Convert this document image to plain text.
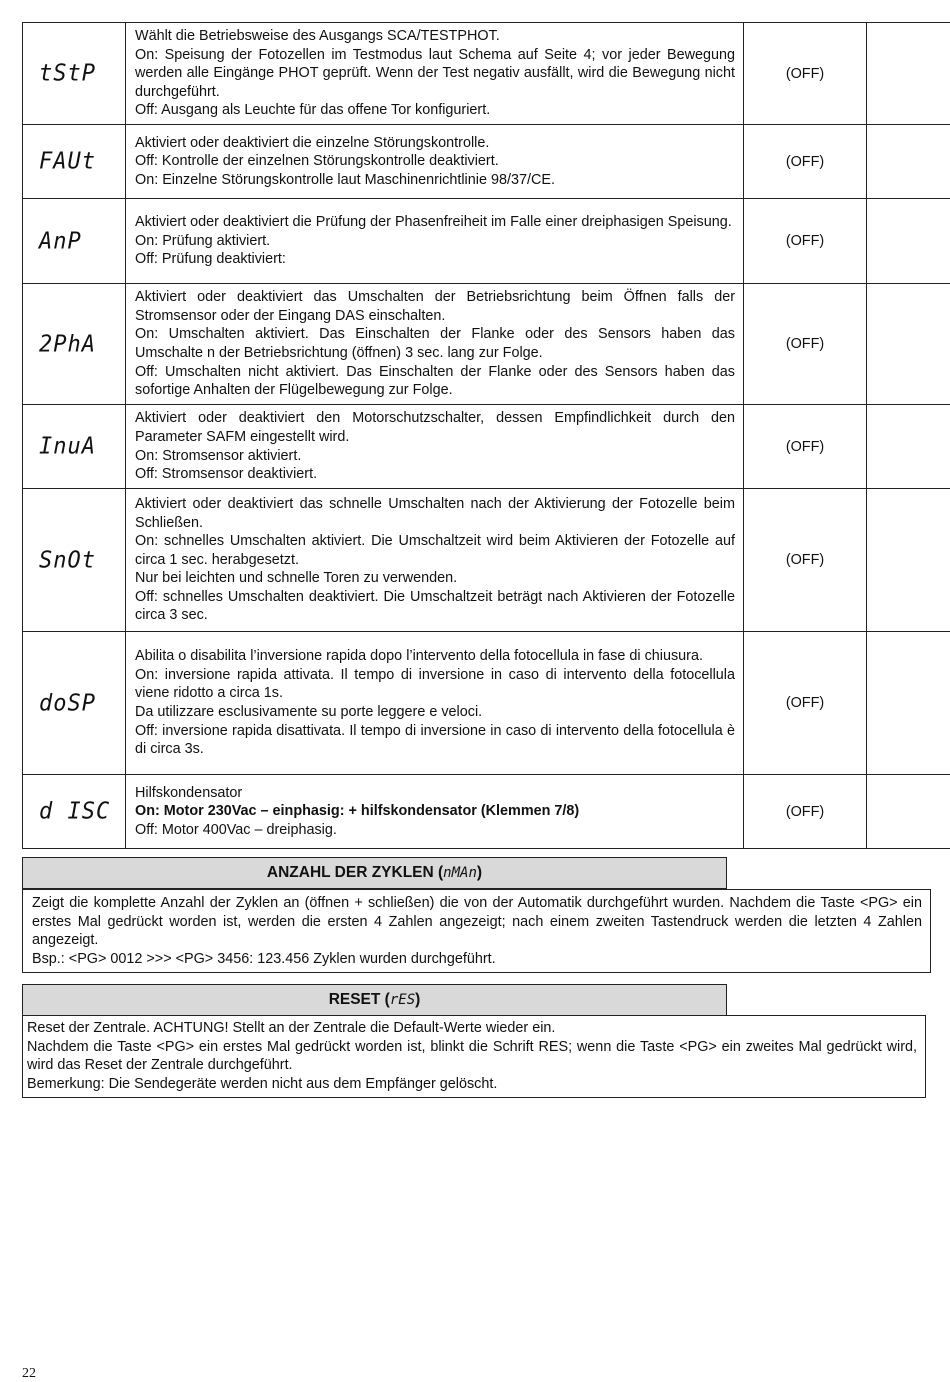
tStP	Wählt die Betriebsweise des Ausgangs SCA/TESTPHOT.
On: Speisung der Fotozellen im Testmodus laut Schema auf Seite 4; vor jeder Bewegung werden alle Eingänge PHOT geprüft. Wenn der Test negativ ausfällt, wird die Bewegung nicht durchgeführt.
Off: Ausgang als Leuchte für das offene Tor konfiguriert.	(OFF)	
FAUt	Aktiviert oder deaktiviert die einzelne Störungskontrolle.
Off: Kontrolle der einzelnen Störungskontrolle deaktiviert.
On: Einzelne Störungskontrolle laut Maschinenrichtlinie 98/37/CE.	(OFF)	
AnP	Aktiviert oder deaktiviert die Prüfung der Phasenfreiheit im Falle einer dreiphasigen Speisung.
On: Prüfung aktiviert.
Off: Prüfung deaktiviert:	(OFF)	
2PhA	Aktiviert oder deaktiviert das Umschalten der Betriebsrichtung beim Öffnen falls der Stromsensor oder der Eingang DAS einschalten.
On: Umschalten aktiviert. Das Einschalten der Flanke oder des Sensors haben das Umschalte n der Betriebsrichtung (öffnen) 3 sec. lang zur Folge.
Off: Umschalten nicht aktiviert. Das Einschalten der Flanke oder des Sensors haben das sofortige Anhalten der Flügelbewegung zur Folge.	(OFF)	
InuA	Aktiviert oder deaktiviert den Motorschutzschalter, dessen Empfindlichkeit durch den Parameter SAFM eingestellt wird.
On: Stromsensor aktiviert.
Off: Stromsensor deaktiviert.	(OFF)	
SnOt	Aktiviert oder deaktiviert das schnelle Umschalten nach der Aktivierung der Fotozelle beim Schließen.
On: schnelles Umschalten aktiviert. Die Umschaltzeit wird beim Aktivieren der Fotozelle auf circa 1 sec. herabgesetzt.
Nur bei leichten und schnelle Toren zu verwenden.
Off: schnelles Umschalten deaktiviert. Die Umschaltzeit beträgt nach Aktivieren der Fotozelle circa 3 sec.	(OFF)	
doSP	Abilita o disabilita l’inversione rapida dopo l’intervento della fotocellula in fase di chiusura.
On: inversione rapida attivata. Il tempo di inversione in caso di intervento della fotocellula viene ridotto a circa 1s.
Da utilizzare esclusivamente su porte leggere e veloci.
Off: inversione rapida disattivata. Il tempo di inversione in caso di intervento della fotocellula è di circa 3s.	(OFF)	
d ISC	Hilfskondensator
On: Motor 230Vac – einphasig: + hilfskondensator (Klemmen 7/8)
Off: Motor 400Vac – dreiphasig.	(OFF)	
ANZAHL DER ZYKLEN (nMAn)
Zeigt die komplette Anzahl der Zyklen an (öffnen + schließen) die von der Automatik durchgeführt wurden. Nachdem die Taste <PG> ein erstes Mal gedrückt worden ist, werden die ersten 4 Zahlen angezeigt; nach einem zweiten Tastendruck werden die letzten 4 Zahlen angezeigt.
Bsp.: <PG> 0012 >>> <PG> 3456: 123.456 Zyklen wurden durchgeführt.
RESET (rES)
Reset der Zentrale. ACHTUNG! Stellt an der Zentrale die Default-Werte wieder ein.
Nachdem die Taste <PG> ein erstes Mal gedrückt worden ist, blinkt die Schrift RES; wenn die Taste <PG> ein zweites Mal gedrückt wird, wird das Reset der Zentrale durchgeführt.
Bemerkung: Die Sendegeräte werden nicht aus dem Empfänger gelöscht.
22
